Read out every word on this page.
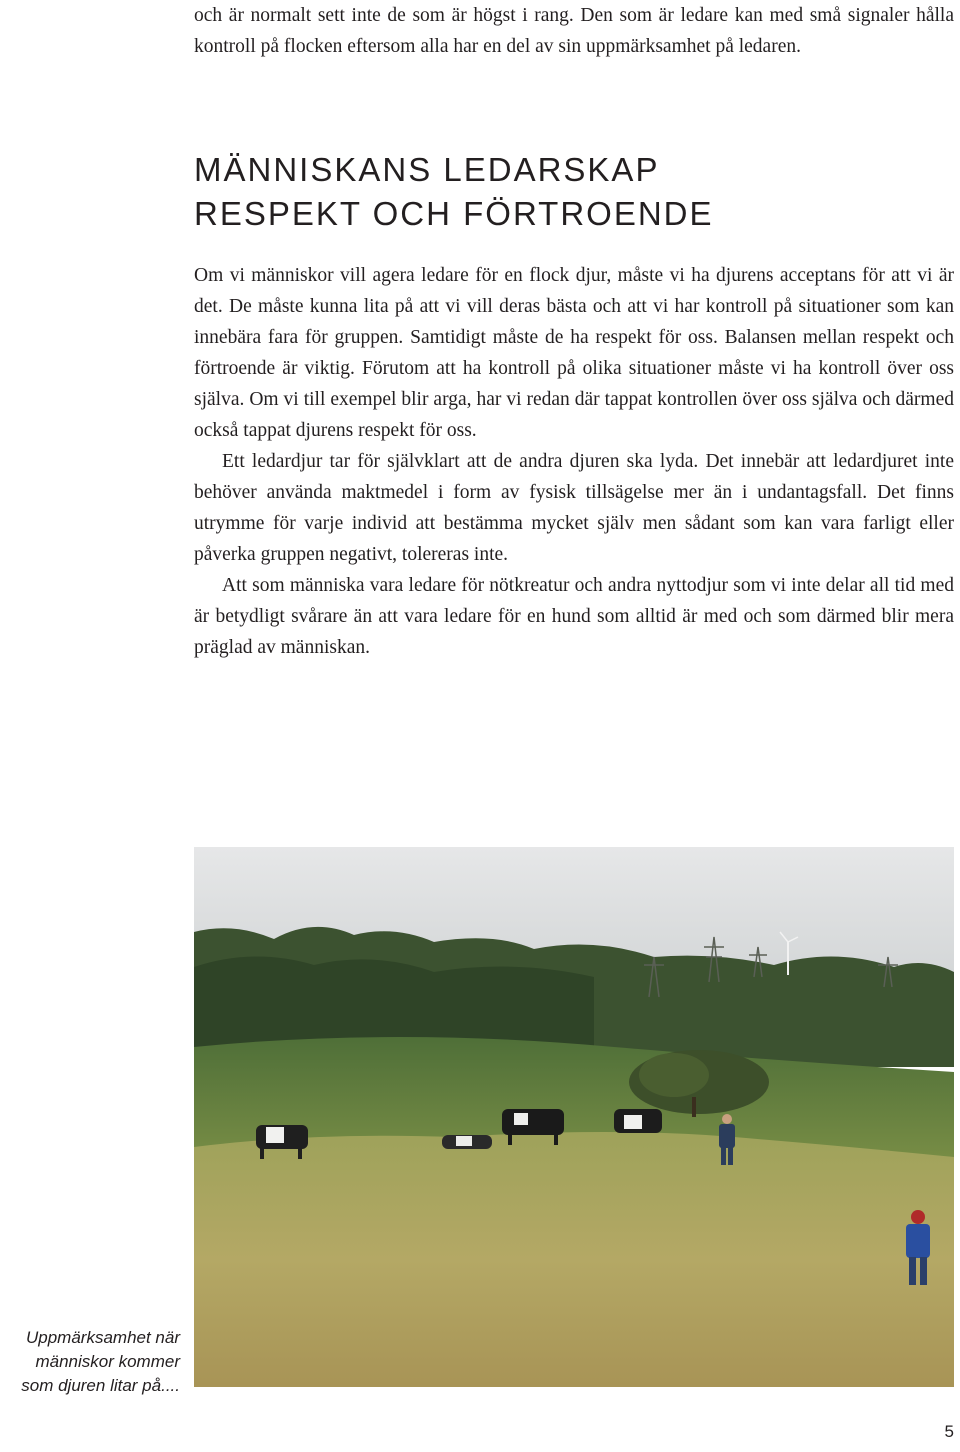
och är normalt sett inte de som är högst i rang. Den som är ledare kan med små signaler hålla kontroll på flocken eftersom alla har en del av sin uppmärksamhet på ledaren.
MÄNNISKANS LEDARSKAP
RESPEKT OCH FÖRTROENDE

Om vi människor vill agera ledare för en flock djur, måste vi ha djurens acceptans för att vi är det. De måste kunna lita på att vi vill deras bästa och att vi har kontroll på situationer som kan innebära fara för gruppen. Samtidigt måste de ha respekt för oss. Balansen mellan respekt och förtroende är viktig. Förutom att ha kontroll på olika situationer måste vi ha kontroll över oss själva. Om vi till exempel blir arga, har vi redan där tappat kontrollen över oss själva och därmed också tappat djurens respekt för oss.

Ett ledardjur tar för självklart att de andra djuren ska lyda. Det innebär att ledardjuret inte behöver använda maktmedel i form av fysisk tillsägelse mer än i undantagsfall. Det finns utrymme för varje individ att bestämma mycket själv men sådant som kan vara farligt eller påverka gruppen negativt, tolereras inte.

Att som människa vara ledare för nötkreatur och andra nyttodjur som vi inte delar all tid med är betydligt svårare än att vara ledare för en hund som alltid är med och som därmed blir mera präglad av människan.

Uppmärksamhet när människor kommer som djuren litar på....
5
